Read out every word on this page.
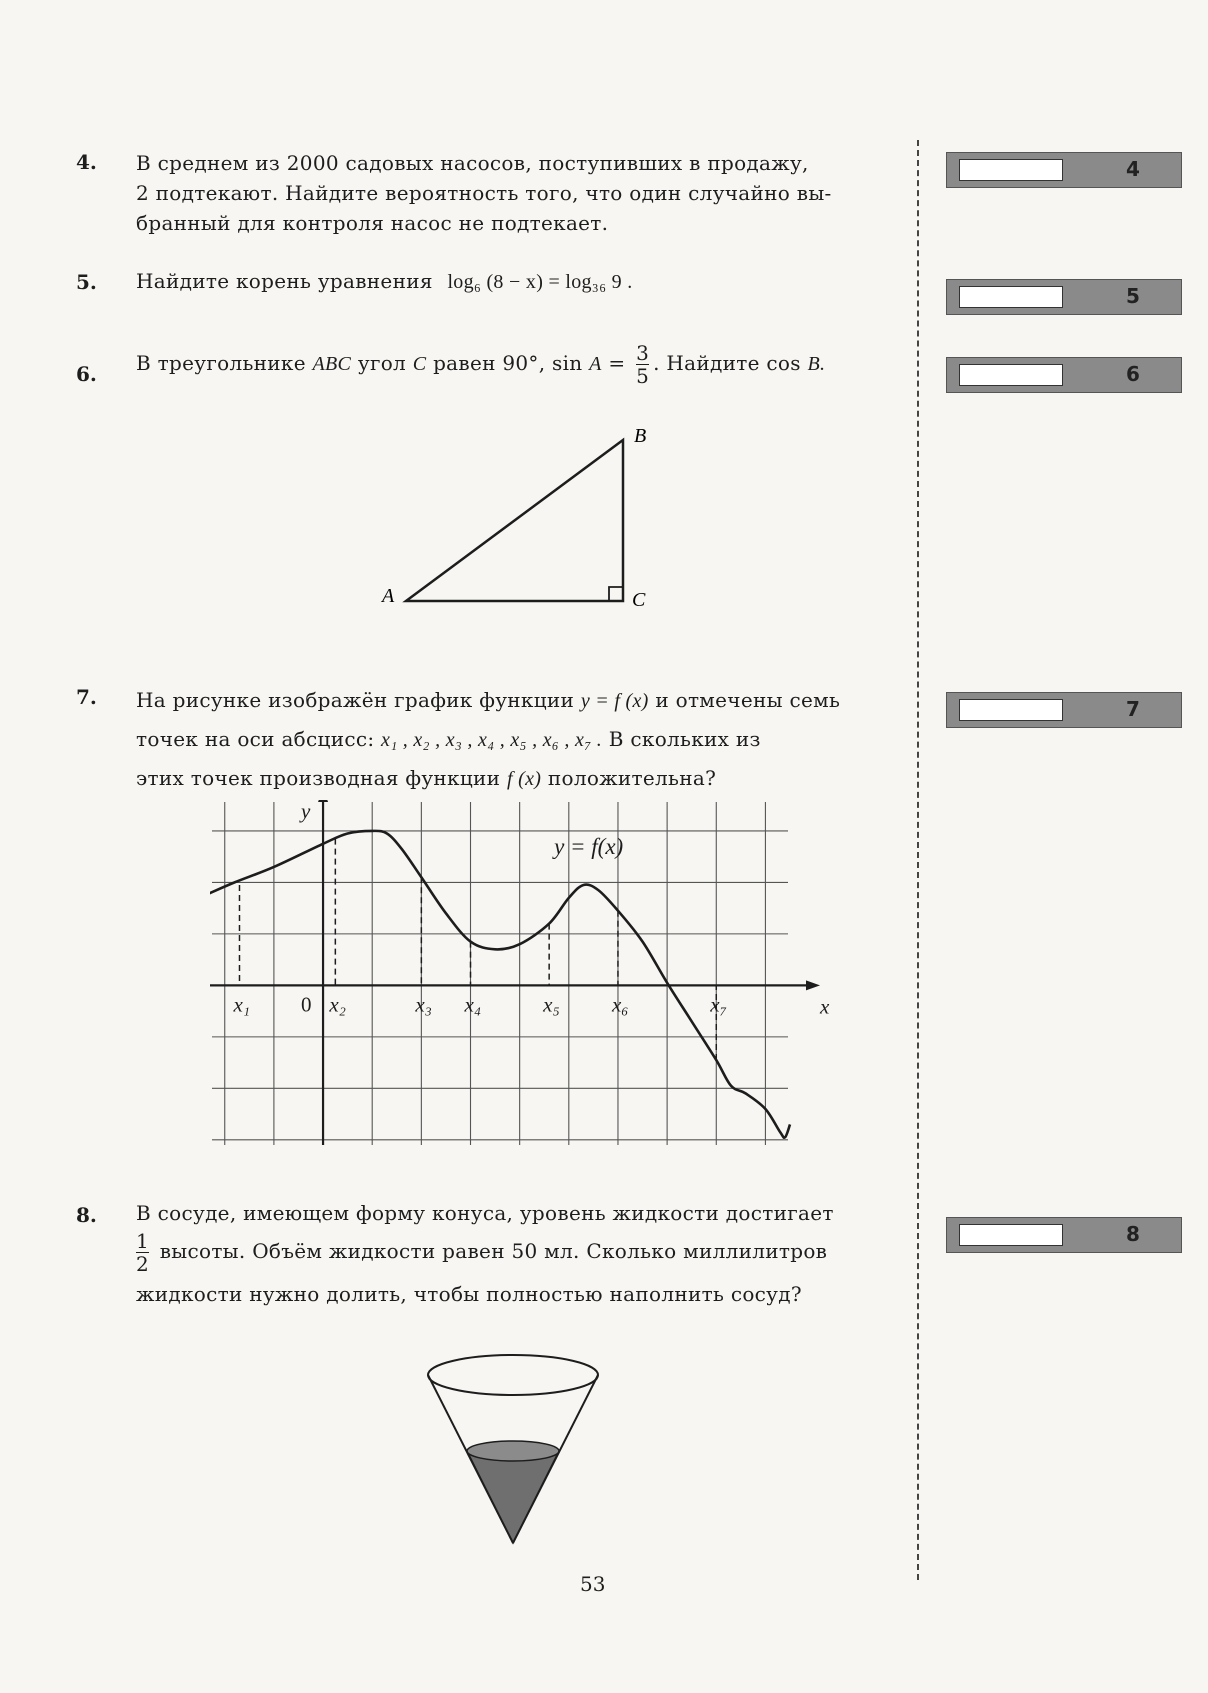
4. В среднем из 2000 садовых насосов, поступивших в продажу,
2 подтекают. Найдите вероятность того, что один случайно вы-
бранный для контроля насос не подтекает.
4
5. Найдите корень уравнения log₆ (8 − x) = log₃₆ 9 .
5
6. В треугольнике ABC угол C равен 90°, $\sin A = \frac{3}{5}$ . Найдите cos B.	6
A
B
C
7. На рисунке изображён график функции y = f (x) и отмечены семь
точек на оси абсцисс: x₁ , x₂ , x₃ , x₄ , x₅ , x₆ , x₇ . В скольких из
этих точек производная функции f (x) положительна?
7
x
y
0
x₁	x₂	x₃ x₄	x₅ x₆	x₇
y = f(x)
8. В сосуде, имеющем форму конуса, уровень жидкости достигает
$\frac{1}{2}$ высоты. Объём жидкости равен 50 мл. Сколько миллилитров
жидкости нужно долить, чтобы полностью наполнить сосуд?
8
53
